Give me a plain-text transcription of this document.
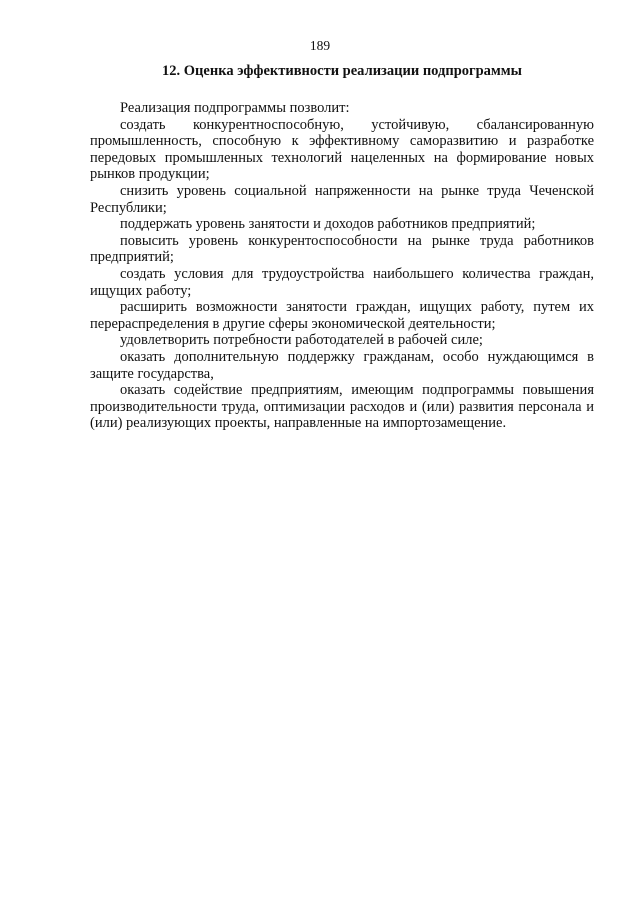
189
12. Оценка эффективности реализации подпрограммы

Реализация подпрограммы позволит:

создать конкурентноспособную, устойчивую, сбалансированную промышленность, способную к эффективному саморазвитию и разработке передовых промышленных технологий нацеленных на формирование новых рынков продукции;

снизить уровень социальной напряженности на рынке труда Чеченской Республики;

поддержать уровень занятости и доходов работников предприятий;

повысить уровень конкурентоспособности на рынке труда работников предприятий;

создать условия для трудоустройства наибольшего количества граждан, ищущих работу;

расширить возможности занятости граждан, ищущих работу, путем их перераспределения в другие сферы экономической деятельности;

удовлетворить потребности работодателей в рабочей силе;

оказать дополнительную поддержку гражданам, особо нуждающимся в защите государства,

оказать содействие предприятиям, имеющим подпрограммы повышения производительности труда, оптимизации расходов и (или) развития персонала и (или) реализующих проекты, направленные на импортозамещение.
